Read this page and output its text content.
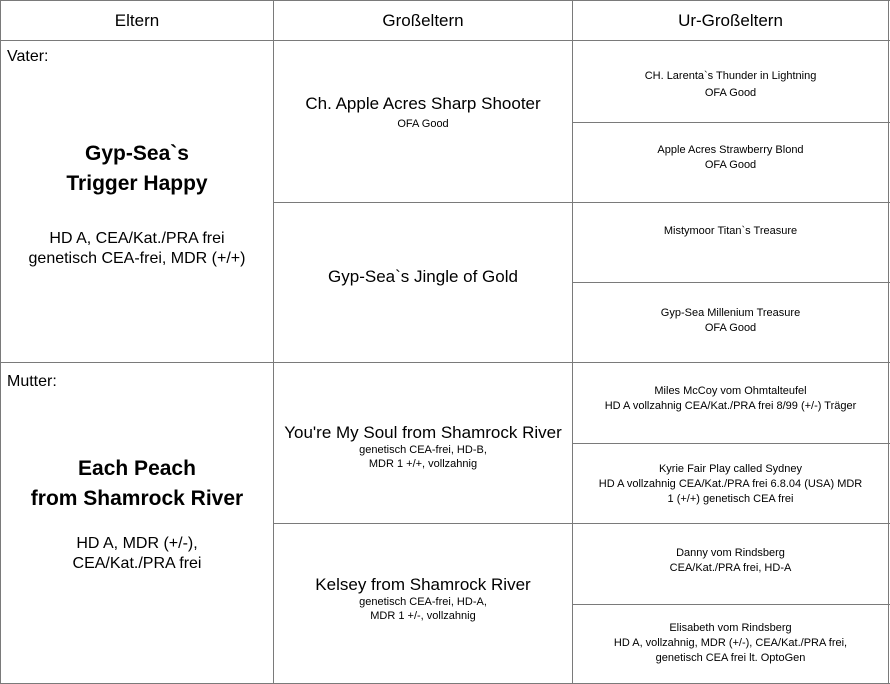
Eltern	Großeltern	Ur-Großeltern
Vater:
Gyp-Sea`s
Trigger Happy
HD A, CEA/Kat./PRA frei
genetisch CEA-frei, MDR (+/+)
Mutter:
Each Peach
from Shamrock River
HD A, MDR (+/-),
CEA/Kat./PRA frei
Ch. Apple Acres Sharp Shooter
OFA Good
Gyp-Sea`s Jingle of Gold
You're My Soul from Shamrock River
genetisch CEA-frei, HD-B,
MDR 1 +/+, vollzahnig
Kelsey from Shamrock River
genetisch CEA-frei, HD-A,
MDR 1 +/-, vollzahnig
CH. Larenta`s Thunder in Lightning
OFA Good
Apple Acres Strawberry Blond
OFA Good
Mistymoor Titan`s Treasure
Gyp-Sea Millenium Treasure
OFA Good
Miles McCoy vom Ohmtalteufel
HD A vollzahnig CEA/Kat./PRA frei 8/99 (+/-) Träger
Kyrie Fair Play called Sydney
HD A vollzahnig CEA/Kat./PRA frei 6.8.04 (USA) MDR
1 (+/+) genetisch CEA frei
Danny vom Rindsberg
CEA/Kat./PRA frei, HD-A
Elisabeth vom Rindsberg
HD A, vollzahnig, MDR (+/-), CEA/Kat./PRA frei,
genetisch CEA frei lt. OptoGen
